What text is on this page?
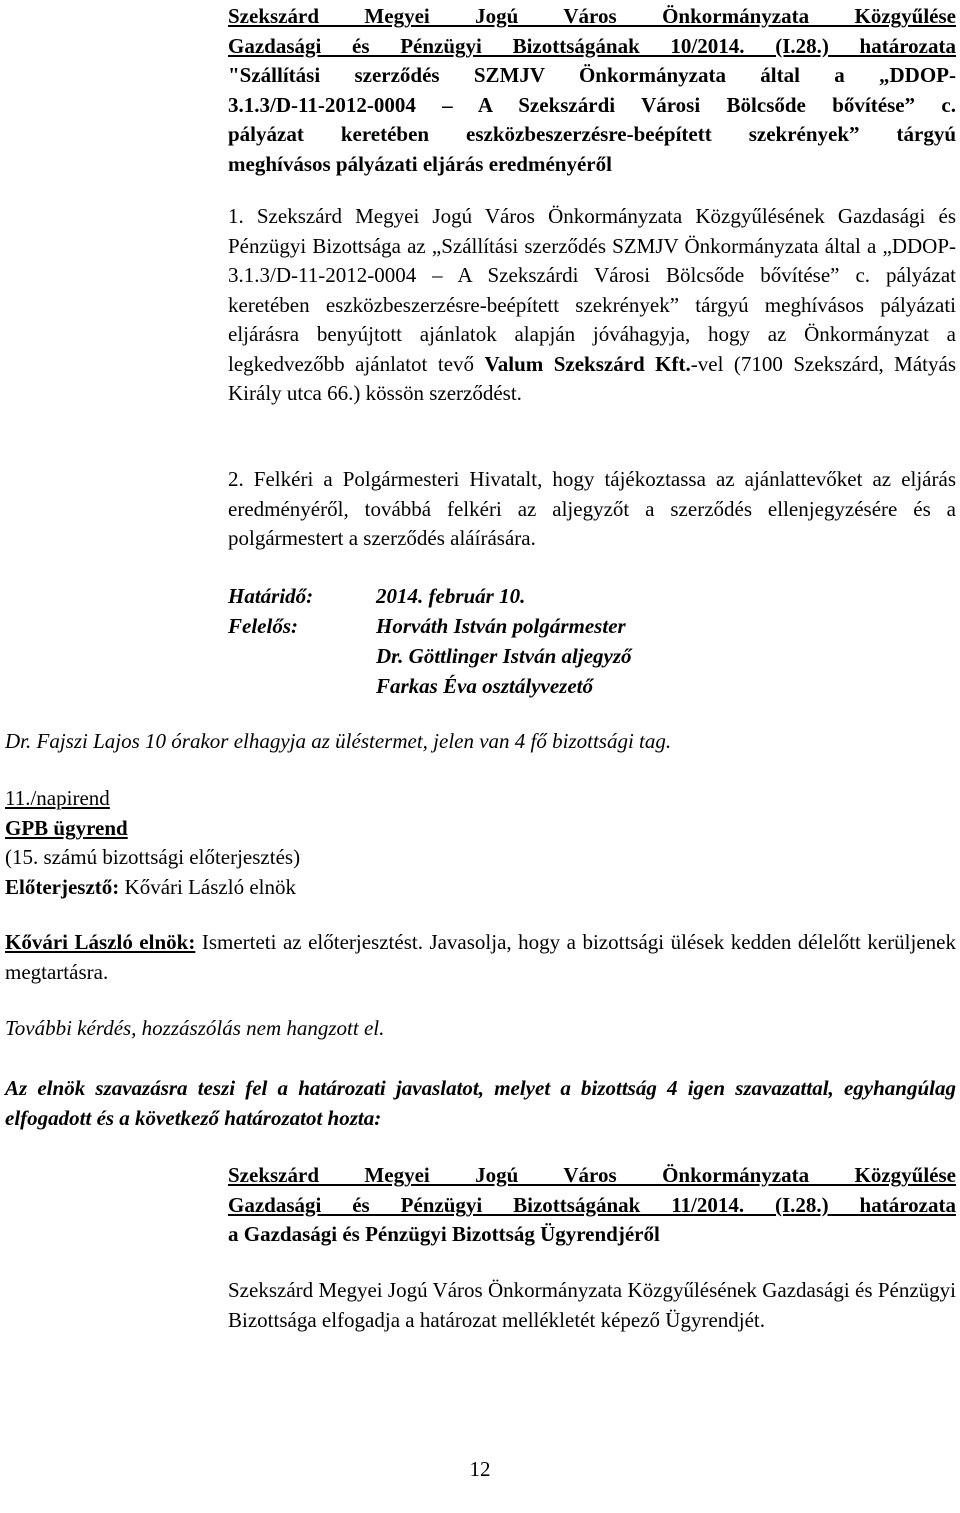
Szekszárd Megyei Jogú Város Önkormányzata Közgyűlése
Gazdasági és Pénzügyi Bizottságának 10/2014. (I.28.) határozata
"Szállítási szerződés SZMJV Önkormányzata által a „DDOP-
3.1.3/D-11-2012-0004 – A Szekszárdi Városi Bölcsőde bővítése” c.
pályázat keretében eszközbeszerzésre-beépített szekrények” tárgyú
meghívásos pályázati eljárás eredményéről

1. Szekszárd Megyei Jogú Város Önkormányzata Közgyűlésének Gazdasági és Pénzügyi Bizottsága az „Szállítási szerződés SZMJV Önkormányzata által a „DDOP-3.1.3/D-11-2012-0004 – A Szekszárdi Városi Bölcsőde bővítése” c. pályázat keretében eszközbeszerzésre-beépített szekrények” tárgyú meghívásos pályázati eljárásra benyújtott ajánlatok alapján jóváhagyja, hogy az Önkormányzat a legkedvezőbb ajánlatot tevő Valum Szekszárd Kft.-vel (7100 Szekszárd, Mátyás Király utca 66.) kössön szerződést.

2. Felkéri a Polgármesteri Hivatalt, hogy tájékoztassa az ajánlattevőket az eljárás eredményéről, továbbá felkéri az aljegyzőt a szerződés ellenjegyzésére és a polgármestert a szerződés aláírására.

Határidő:	2014. február 10.
Felelős:	Horváth István polgármester
Dr. Göttlinger István aljegyző
Farkas Éva osztályvezető

Dr. Fajszi Lajos 10 órakor elhagyja az üléstermet, jelen van 4 fő bizottsági tag.

11./napirend
GPB ügyrend
(15. számú bizottsági előterjesztés)
Előterjesztő: Kővári László elnök

Kővári László elnök: Ismerteti az előterjesztést. Javasolja, hogy a bizottsági ülések kedden délelőtt kerüljenek megtartásra.

További kérdés, hozzászólás nem hangzott el.

Az elnök szavazásra teszi fel a határozati javaslatot, melyet a bizottság 4 igen szavazattal, egyhangúlag elfogadott és a következő határozatot hozta:

Szekszárd Megyei Jogú Város Önkormányzata Közgyűlése
Gazdasági és Pénzügyi Bizottságának 11/2014. (I.28.) határozata
a Gazdasági és Pénzügyi Bizottság Ügyrendjéről

Szekszárd Megyei Jogú Város Önkormányzata Közgyűlésének Gazdasági és Pénzügyi Bizottsága elfogadja a határozat mellékletét képező Ügyrendjét.

12
